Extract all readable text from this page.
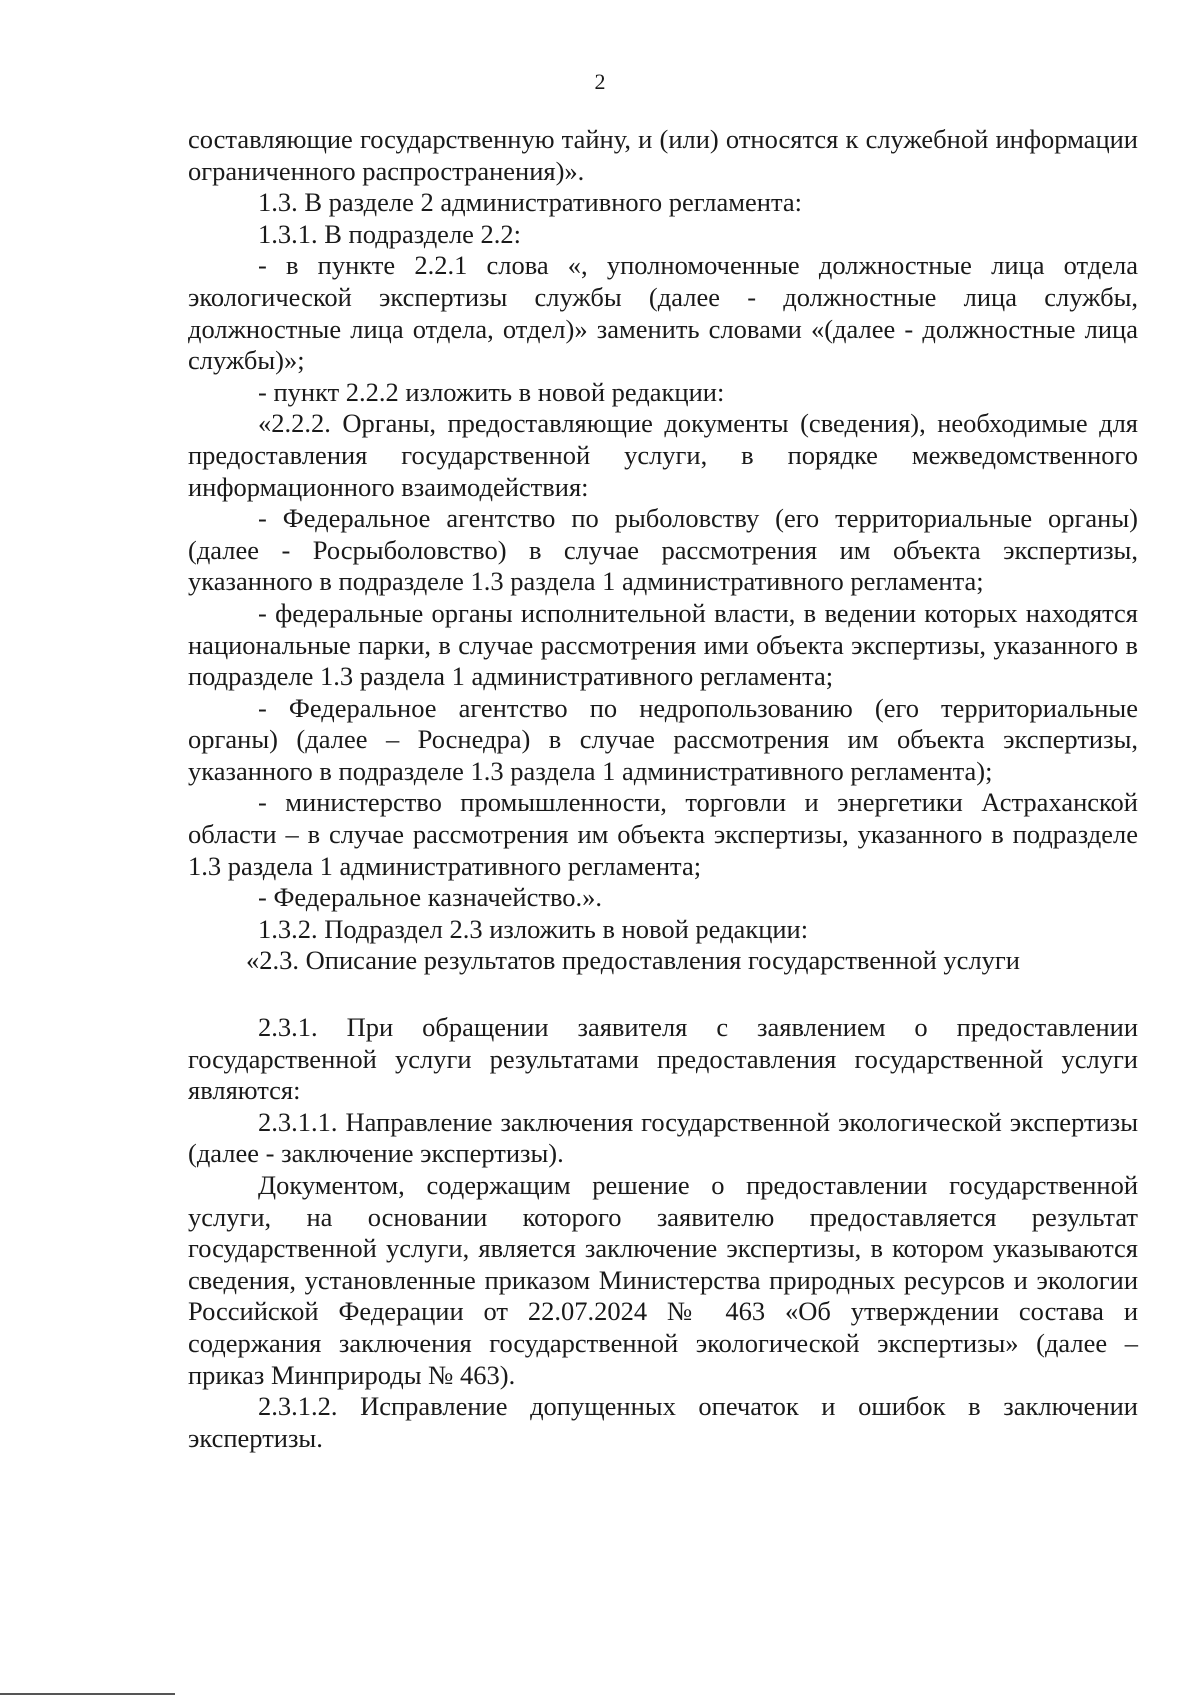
2

составляющие государственную тайну, и (или) относятся к служебной информации ограниченного распространения)».

1.3. В разделе 2 административного регламента:

1.3.1. В подразделе 2.2:

- в пункте 2.2.1 слова «, уполномоченные должностные лица отдела экологической экспертизы службы (далее - должностные лица службы, должностные лица отдела, отдел)» заменить словами «(далее - должностные лица службы)»;

- пункт 2.2.2 изложить в новой редакции:

«2.2.2. Органы, предоставляющие документы (сведения), необходимые для предоставления государственной услуги, в порядке межведомственного информационного взаимодействия:

- Федеральное агентство по рыболовству (его территориальные органы) (далее - Росрыболовство) в случае рассмотрения им объекта экспертизы, указанного в подразделе 1.3 раздела 1 административного регламента;

- федеральные органы исполнительной власти, в ведении которых находятся национальные парки, в случае рассмотрения ими объекта экспертизы, указанного в подразделе 1.3 раздела 1 административного регламента;

- Федеральное агентство по недропользованию (его территориальные органы) (далее – Роснедра) в случае рассмотрения им объекта экспертизы, указанного в подразделе 1.3 раздела 1 административного регламента);

- министерство промышленности, торговли и энергетики Астраханской области – в случае рассмотрения им объекта экспертизы, указанного в подразделе 1.3 раздела 1 административного регламента;

- Федеральное казначейство.».

1.3.2. Подраздел 2.3 изложить в новой редакции:

«2.3. Описание результатов предоставления государственной услуги

2.3.1. При обращении заявителя с заявлением о предоставлении государственной услуги результатами предоставления государственной услуги являются:

2.3.1.1. Направление заключения государственной экологической экспертизы (далее - заключение экспертизы).

Документом, содержащим решение о предоставлении государственной услуги, на основании которого заявителю предоставляется результат государственной услуги, является заключение экспертизы, в котором указываются сведения, установленные приказом Министерства природных ресурсов и экологии Российской Федерации от 22.07.2024 № 463 «Об утверждении состава и содержания заключения государственной экологической экспертизы» (далее – приказ Минприроды № 463).

2.3.1.2. Исправление допущенных опечаток и ошибок в заключении экспертизы.
